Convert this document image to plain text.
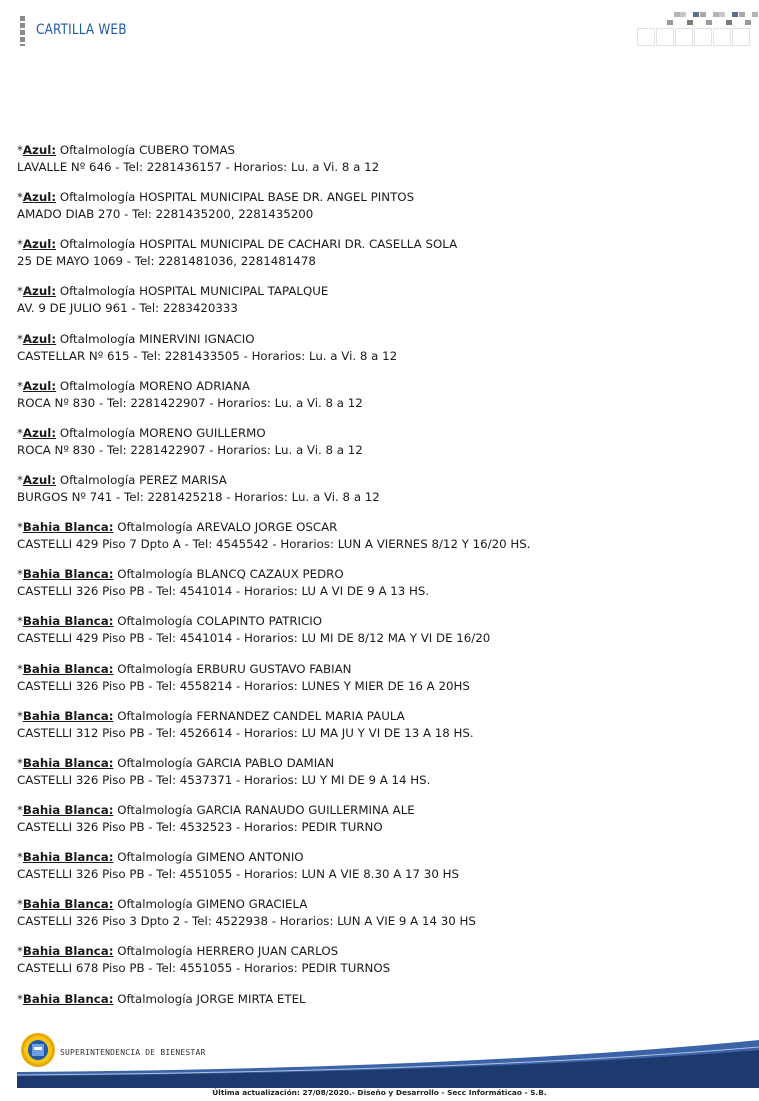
CARTILLA WEB
*Azul: Oftalmología CUBERO TOMAS
LAVALLE Nº 646 - Tel: 2281436157 - Horarios: Lu. a Vi. 8 a 12
*Azul: Oftalmología HOSPITAL MUNICIPAL BASE DR. ANGEL PINTOS
AMADO DIAB 270 - Tel: 2281435200, 2281435200
*Azul: Oftalmología HOSPITAL MUNICIPAL DE CACHARI DR. CASELLA SOLA
25 DE MAYO 1069 - Tel: 2281481036, 2281481478
*Azul: Oftalmología HOSPITAL MUNICIPAL TAPALQUE
AV. 9 DE JULIO 961 - Tel: 2283420333
*Azul: Oftalmología MINERVINI IGNACIO
CASTELLAR Nº 615 - Tel: 2281433505 - Horarios: Lu. a Vi. 8 a 12
*Azul: Oftalmología MORENO ADRIANA
ROCA Nº 830 - Tel: 2281422907 - Horarios: Lu. a Vi. 8 a 12
*Azul: Oftalmología MORENO GUILLERMO
ROCA Nº 830 - Tel: 2281422907 - Horarios: Lu. a Vi. 8 a 12
*Azul: Oftalmología PEREZ MARISA
BURGOS Nº 741 - Tel: 2281425218 - Horarios: Lu. a Vi. 8 a 12
*Bahia Blanca: Oftalmología AREVALO JORGE OSCAR
CASTELLI 429 Piso 7 Dpto A - Tel: 4545542 - Horarios: LUN A VIERNES 8/12 Y 16/20 HS.
*Bahia Blanca: Oftalmología BLANCQ CAZAUX PEDRO
CASTELLI 326 Piso PB - Tel: 4541014 - Horarios: LU A VI DE 9 A 13 HS.
*Bahia Blanca: Oftalmología COLAPINTO PATRICIO
CASTELLI 429 Piso PB - Tel: 4541014 - Horarios: LU MI DE 8/12 MA Y VI DE 16/20
*Bahia Blanca: Oftalmología ERBURU GUSTAVO FABIAN
CASTELLI 326 Piso PB - Tel: 4558214 - Horarios: LUNES Y MIER DE 16 A 20HS
*Bahia Blanca: Oftalmología FERNANDEZ CANDEL MARIA PAULA
CASTELLI 312 Piso PB - Tel: 4526614 - Horarios: LU MA JU Y VI DE 13 A 18 HS.
*Bahia Blanca: Oftalmología GARCIA PABLO DAMIAN
CASTELLI 326 Piso PB - Tel: 4537371 - Horarios: LU Y MI DE 9 A 14 HS.
*Bahia Blanca: Oftalmología GARCIA RANAUDO GUILLERMINA ALE
CASTELLI 326 Piso PB - Tel: 4532523 - Horarios: PEDIR TURNO
*Bahia Blanca: Oftalmología GIMENO ANTONIO
CASTELLI 326 Piso PB - Tel: 4551055 - Horarios: LUN A VIE 8.30 A 17 30 HS
*Bahia Blanca: Oftalmología GIMENO GRACIELA
CASTELLI 326 Piso 3 Dpto 2 - Tel: 4522938 - Horarios: LUN A VIE 9 A 14 30 HS
*Bahia Blanca: Oftalmología HERRERO JUAN CARLOS
CASTELLI 678 Piso PB - Tel: 4551055 - Horarios: PEDIR TURNOS
*Bahia Blanca: Oftalmología JORGE MIRTA ETEL
SUPERINTENDENCIA DE BIENESTAR
Última actualización: 27/08/2020.- Diseño y Desarrollo - Secc Informáticao - S.B.
